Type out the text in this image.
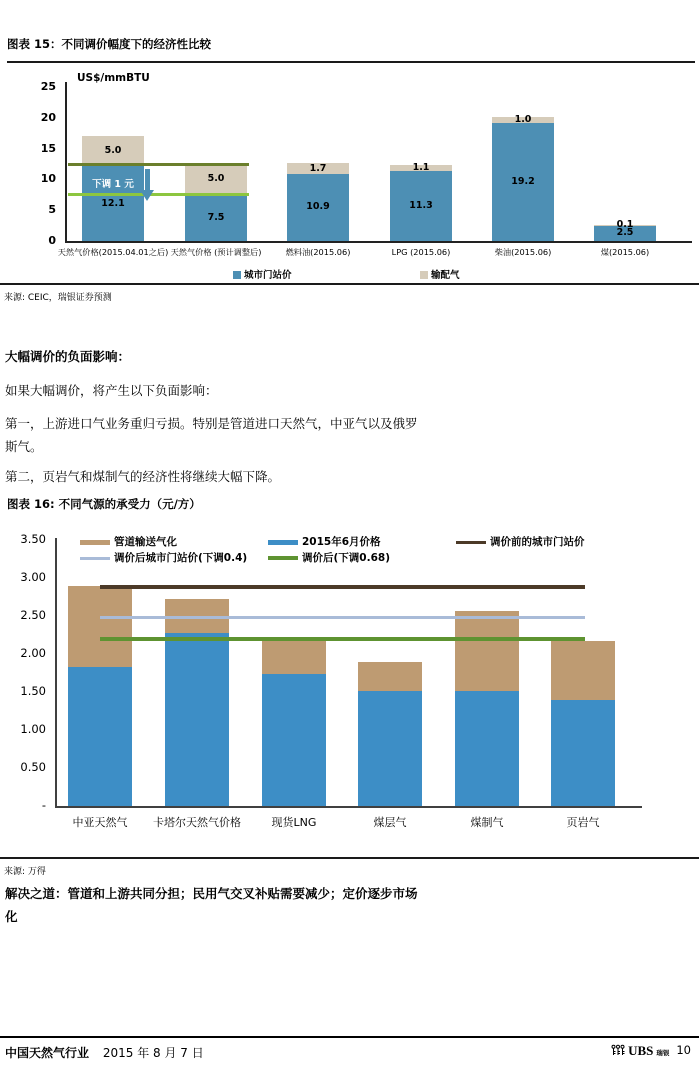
图表 15：不同调价幅度下的经济性比较
US$/mmBTU
0
5
10
15
20
25
12.1
5.0
天然气价格(2015.04.01之后)
7.5
5.0
天然气价格 (预计调整后)
10.9
1.7
燃料油(2015.06)
11.3
1.1
LPG (2015.06)
19.2
1.0
柴油(2015.06)
2.5
0.1
煤(2015.06)
下调 1 元
城市门站价	输配气
来源: CEIC，瑞银证券预测
大幅调价的负面影响：
如果大幅调价，将产生以下负面影响：
第一，上游进口气业务重归亏损。特别是管道进口天然气，中亚气以及俄罗
斯气。
第二，页岩气和煤制气的经济性将继续大幅下降。
图表 16: 不同气源的承受力（元/方）
管道输送气化	2015年6月价格	调价前的城市门站价
调价后城市门站价(下调0.4)	调价后(下调0.68)
3.50
3.00
2.50
2.00
1.50
1.00
0.50
-
中亚天然气	卡塔尔天然气价格	现货LNG	煤层气	煤制气	页岩气
来源: 万得
解决之道：管道和上游共同分担；民用气交叉补贴需要减少；定价逐步市场
化
中国天然气行业 2015 年 8 月 7 日	UBS 瑞银 10
